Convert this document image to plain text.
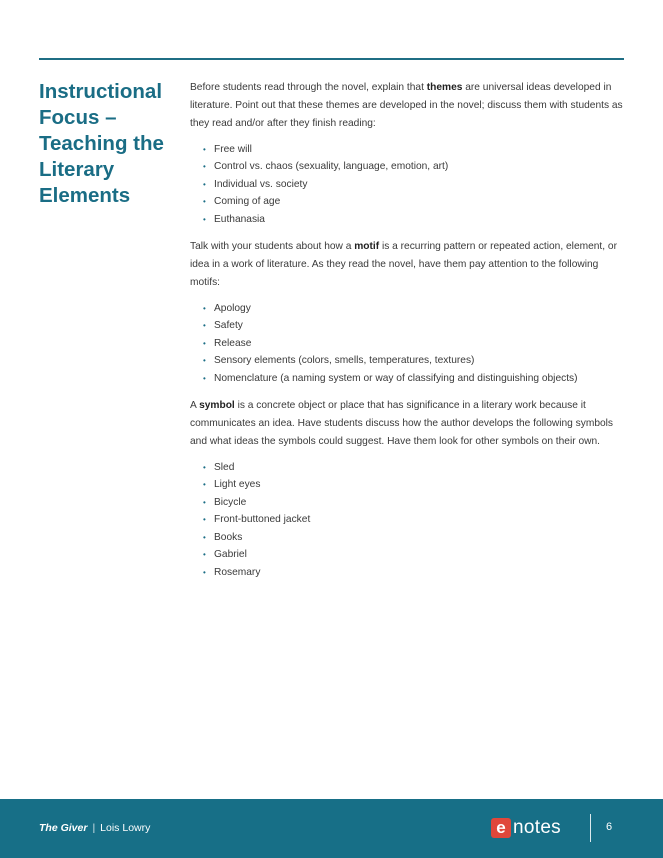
Instructional
Focus –
Teaching the
Literary
Elements

Before students read through the novel, explain that themes are universal ideas developed in literature. Point out that these themes are developed in the novel; discuss them with students as they read and/or after they finish reading:

• Free will
• Control vs. chaos (sexuality, language, emotion, art)
• Individual vs. society
• Coming of age
• Euthanasia

Talk with your students about how a motif is a recurring pattern or repeated action, element, or idea in a work of literature. As they read the novel, have them pay attention to the following motifs:

• Apology
• Safety
• Release
• Sensory elements (colors, smells, temperatures, textures)
• Nomenclature (a naming system or way of classifying and distinguishing objects)

A symbol is a concrete object or place that has significance in a literary work because it communicates an idea. Have students discuss how the author develops the following symbols and what ideas the symbols could suggest. Have them look for other symbols on their own.

• Sled
• Light eyes
• Bicycle
• Front-buttoned jacket
• Books
• Gabriel
• Rosemary
The Giver | Lois Lowry	e notes	6
